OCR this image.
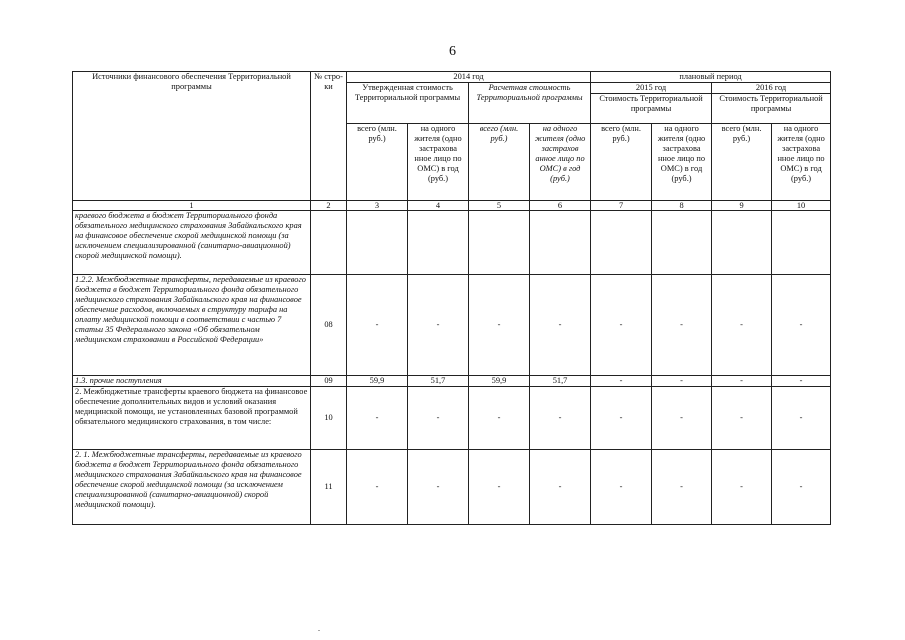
6
Источники финансового обеспечения Территориальной программы	№ стро-ки	2014 год				плановый период			
		Утвержденная стоимость Территориальной программы		Расчетная стоимость Территориальной программы		2015 год		2016 год	
						Стоимость Территориальной программы		Стоимость Территориальной программы	
		всего (млн. руб.)	на одного жителя (одно застрахова нное лицо по ОМС) в год (руб.)	всего (млн. руб.)	на одного жителя (одно застрахов анное лицо по ОМС) в год (руб.)	всего (млн. руб.)	на одного жителя (одно застрахова нное лицо по ОМС) в год (руб.)	всего (млн. руб.)	на одного жителя (одно застрахова нное лицо по ОМС) в год (руб.)
1	2	3	4	5	6	7	8	9	10
краевого бюджета в бюджет Территориального фонда обязательного медицинского страхования Забайкальского края на финансовое обеспечение скорой медицинской помощи (за исключением специализированной (санитарно-авиационной) скорой медицинской помощи).									
1.2.2. Межбюджетные трансферты, передаваемые из краевого бюджета в бюджет Территориального фонда обязательного медицинского страхования Забайкальского края на финансовое обеспечение расходов, включаемых в структуру тарифа на оплату медицинской помощи в соответствии с частью 7 статьи 35 Федерального закона «Об обязательном медицинском страховании в Российской Федерации»	08	-	-	-	-	-	-	-	-
1.3. прочие поступления	09	59,9	51,7	59,9	51,7	-	-	-	-
2. Межбюджетные трансферты краевого бюджета на финансовое обеспечение дополнительных видов и условий оказания медицинской помощи, не установленных базовой программой обязательного медицинского страхования, в том числе:	10	-	-	-	-	-	-	-	-
2. 1. Межбюджетные трансферты, передаваемые из краевого бюджета в бюджет Территориального фонда обязательного медицинского страхования Забайкальского края на финансовое обеспечение скорой медицинской помощи (за исключением специализированной (санитарно-авиационной) скорой медицинской помощи).	11	-	-	-	-	-	-	-	-
.
